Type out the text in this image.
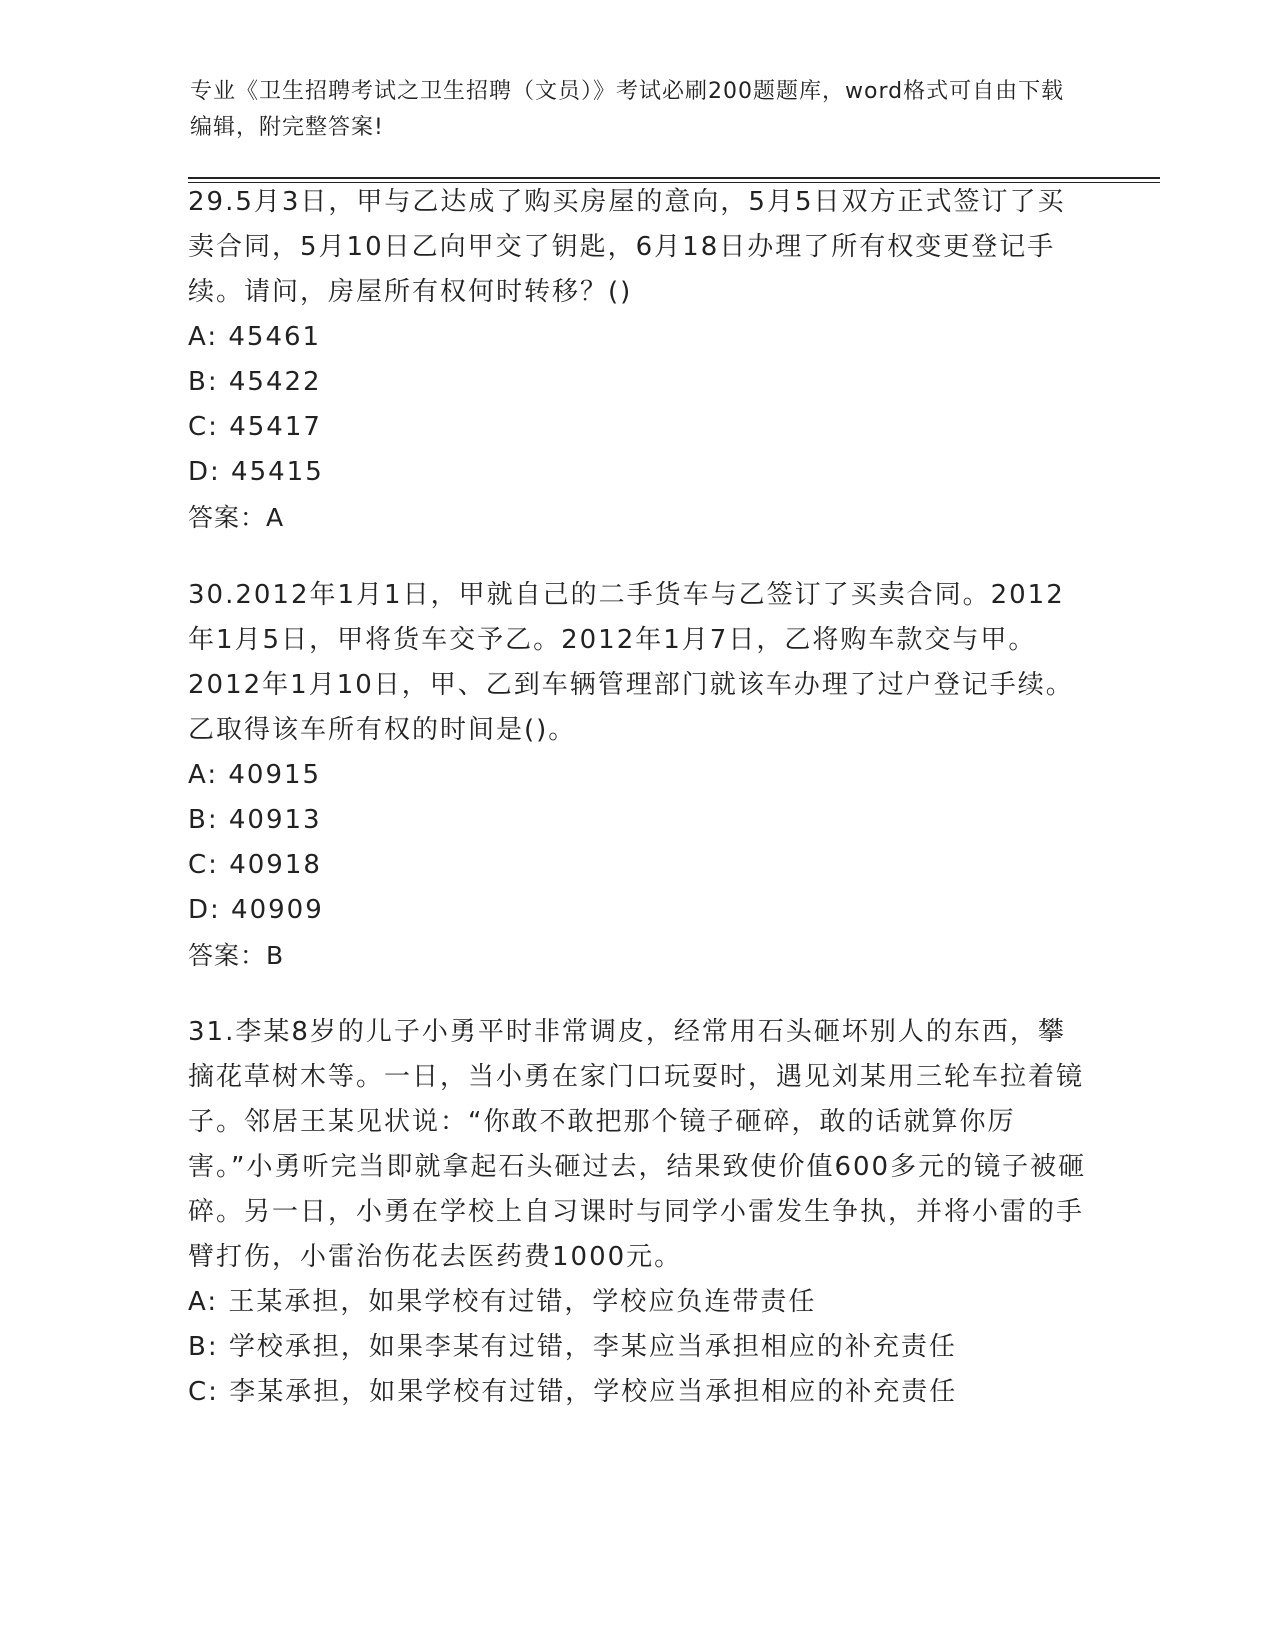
专业《卫生招聘考试之卫生招聘（文员）》考试必刷200题题库，word格式可自由下载编辑，附完整答案!

29.5月3日，甲与乙达成了购买房屋的意向，5月5日双方正式签订了买卖合同，5月10日乙向甲交了钥匙，6月18日办理了所有权变更登记手续。请问，房屋所有权何时转移？()

A: 45461

B: 45422

C: 45417

D: 45415

答案：A

30.2012年1月1日，甲就自己的二手货车与乙签订了买卖合同。2012年1月5日，甲将货车交予乙。2012年1月7日，乙将购车款交与甲。2012年1月10日，甲、乙到车辆管理部门就该车办理了过户登记手续。乙取得该车所有权的时间是()。

A: 40915

B: 40913

C: 40918

D: 40909

答案：B

31.李某8岁的儿子小勇平时非常调皮，经常用石头砸坏别人的东西，攀摘花草树木等。一日，当小勇在家门口玩耍时，遇见刘某用三轮车拉着镜子。邻居王某见状说：“你敢不敢把那个镜子砸碎，敢的话就算你厉害。”小勇听完当即就拿起石头砸过去，结果致使价值600多元的镜子被砸碎。另一日，小勇在学校上自习课时与同学小雷发生争执，并将小雷的手臂打伤，小雷治伤花去医药费1000元。

A: 王某承担，如果学校有过错，学校应负连带责任

B: 学校承担，如果李某有过错，李某应当承担相应的补充责任

C: 李某承担，如果学校有过错，学校应当承担相应的补充责任
